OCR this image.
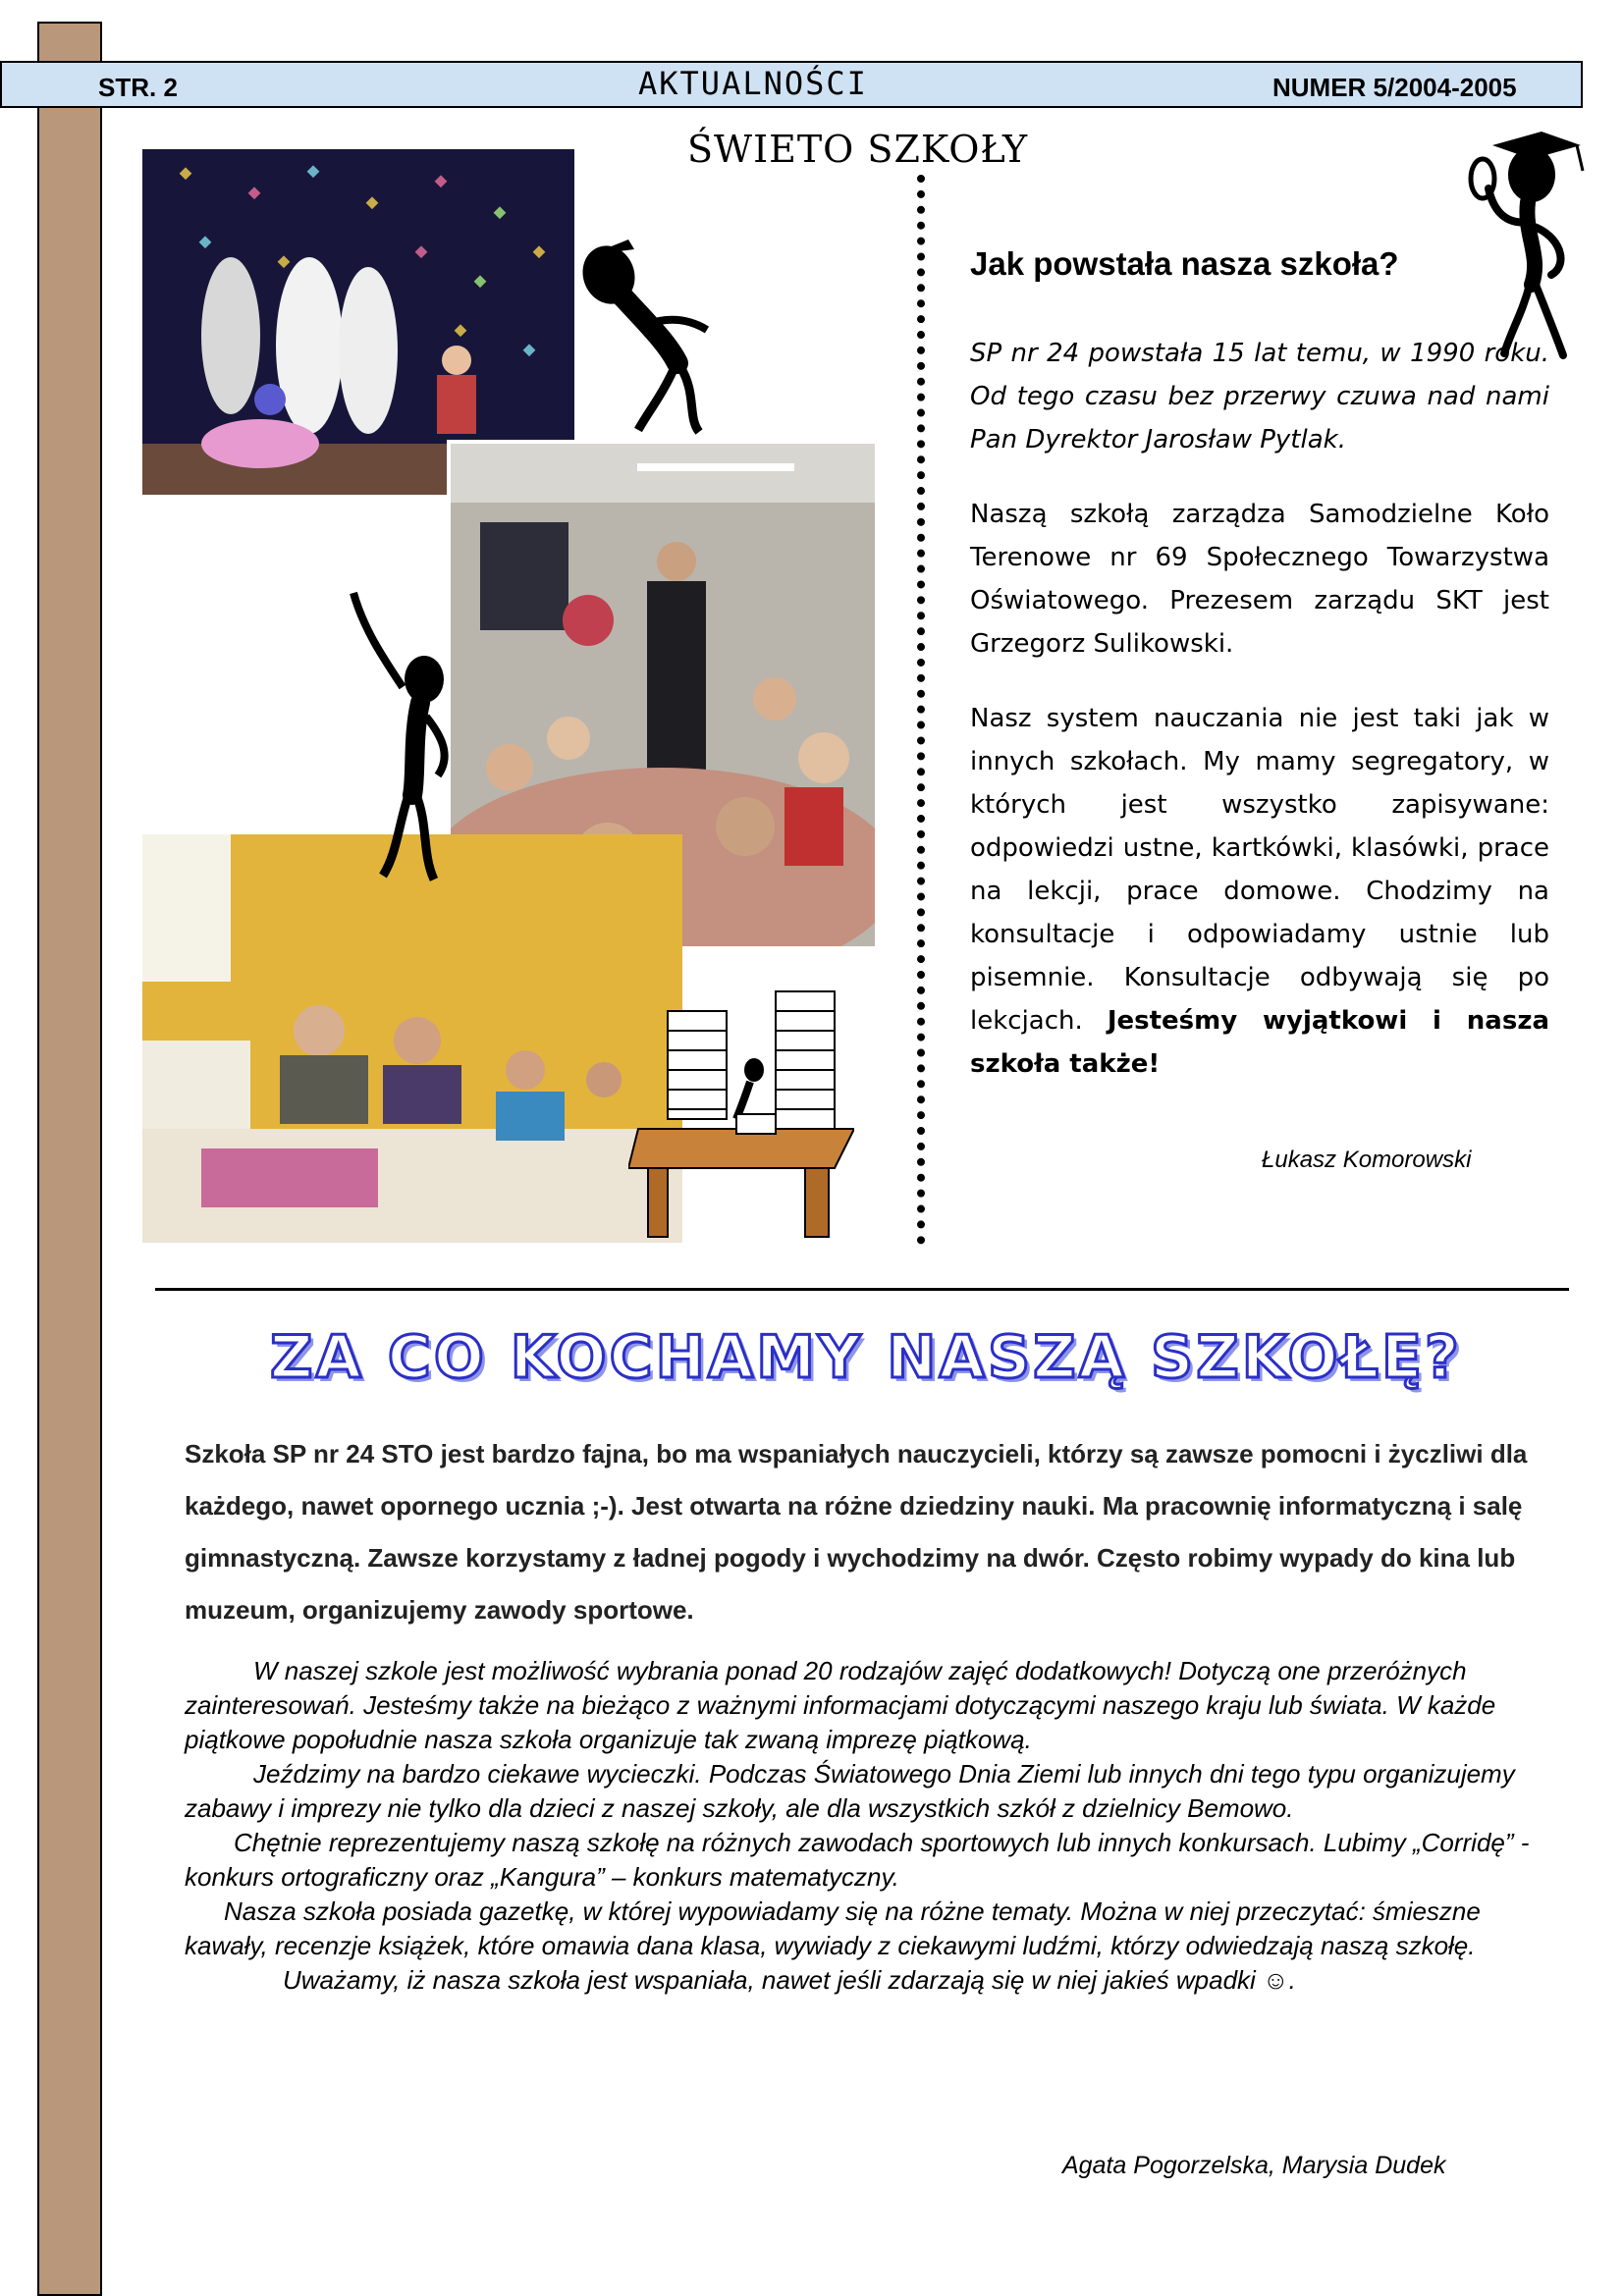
STR. 2	AKTUALNOŚCI	NUMER 5/2004-2005
ŚWIETO SZKOŁY
Jak powstała nasza szkoła?

SP nr 24 powstała 15 lat temu, w 1990 roku. Od tego czasu bez przerwy czuwa nad nami Pan Dyrektor Jarosław Pytlak.

Naszą szkołą zarządza Samodzielne Koło Terenowe nr 69 Społecznego Towarzystwa Oświatowego. Prezesem zarządu SKT jest Grzegorz Sulikowski.

Nasz system nauczania nie jest taki jak w innych szkołach. My mamy segregatory, w których jest wszystko zapisywane: odpowiedzi ustne, kartkówki, klasówki, prace na lekcji, prace domowe. Chodzimy na konsultacje i odpowiadamy ustnie lub pisemnie. Konsultacje odbywają się po lekcjach. Jesteśmy wyjątkowi i nasza szkoła także!

Łukasz Komorowski
ZA CO KOCHAMY NASZĄ SZKOŁĘ?

Szkoła SP nr 24 STO jest bardzo fajna, bo ma wspaniałych nauczycieli, którzy są zawsze pomocni i życzliwi dla każdego, nawet opornego ucznia ;-). Jest otwarta na różne dziedziny nauki. Ma pracownię informatyczną i salę gimnastyczną. Zawsze korzystamy z ładnej pogody i wychodzimy na dwór. Często robimy wypady do kina lub muzeum, organizujemy zawody sportowe.

W naszej szkole jest możliwość wybrania ponad 20 rodzajów zajęć dodatkowych! Dotyczą one przeróżnych zainteresowań. Jesteśmy także na bieżąco z ważnymi informacjami dotyczącymi naszego kraju lub świata. W każde piątkowe popołudnie nasza szkoła organizuje tak zwaną imprezę piątkową.

Jeździmy na bardzo ciekawe wycieczki. Podczas Światowego Dnia Ziemi lub innych dni tego typu organizujemy zabawy i imprezy nie tylko dla dzieci z naszej szkoły, ale dla wszystkich szkół z dzielnicy Bemowo.

Chętnie reprezentujemy naszą szkołę na różnych zawodach sportowych lub innych konkursach. Lubimy „Corridę” - konkurs ortograficzny oraz „Kangura” – konkurs matematyczny.

Nasza szkoła posiada gazetkę, w której wypowiadamy się na różne tematy. Można w niej przeczytać: śmieszne kawały, recenzje książek, które omawia dana klasa, wywiady z ciekawymi ludźmi, którzy odwiedzają naszą szkołę.

Uważamy, iż nasza szkoła jest wspaniała, nawet jeśli zdarzają się w niej jakieś wpadki ☺.

Agata Pogorzelska, Marysia Dudek
